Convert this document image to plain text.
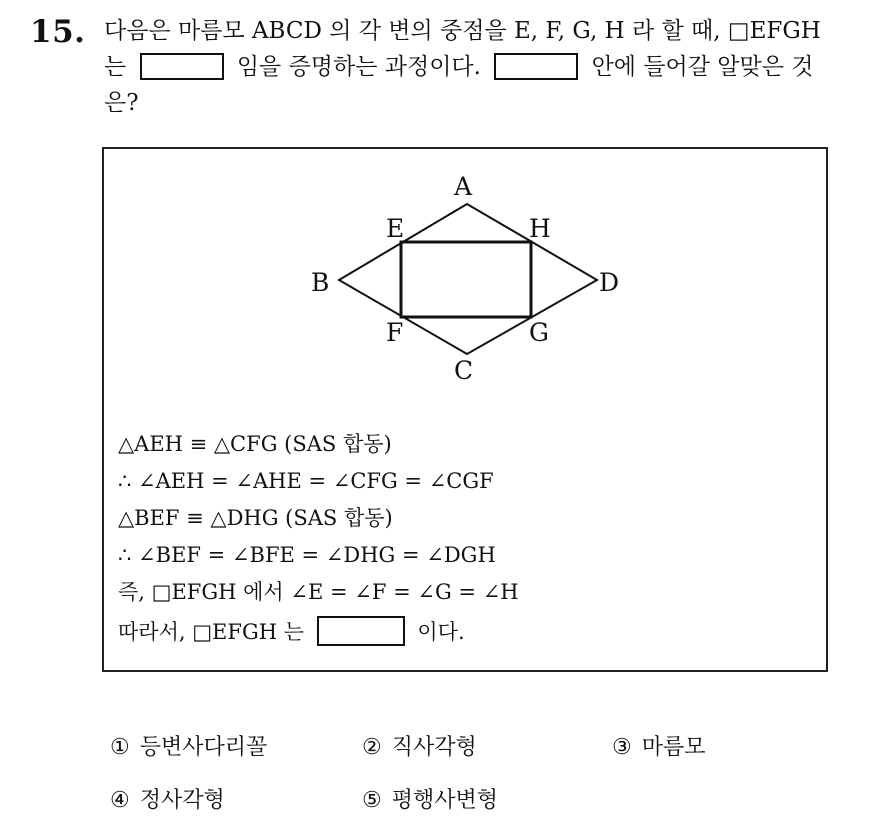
15. 다음은 마름모 ABCD 의 각 변의 중점을 E, F, G, H 라 할 때, □EFGH
는	임을 증명하는 과정이다.	안에 들어갈 알맞은 것
은?
A
B
C
D
E
F	G
H
△AEH ≡ △CFG (SAS 합동)
∴ ∠AEH = ∠AHE = ∠CFG = ∠CGF
△BEF ≡ △DHG (SAS 합동)
∴ ∠BEF = ∠BFE = ∠DHG = ∠DGH
즉, □EFGH 에서 ∠E = ∠F = ∠G = ∠H
따라서, □EFGH 는	이다.
① 등변사다리꼴	② 직사각형	③ 마름모
④ 정사각형	⑤ 평행사변형
